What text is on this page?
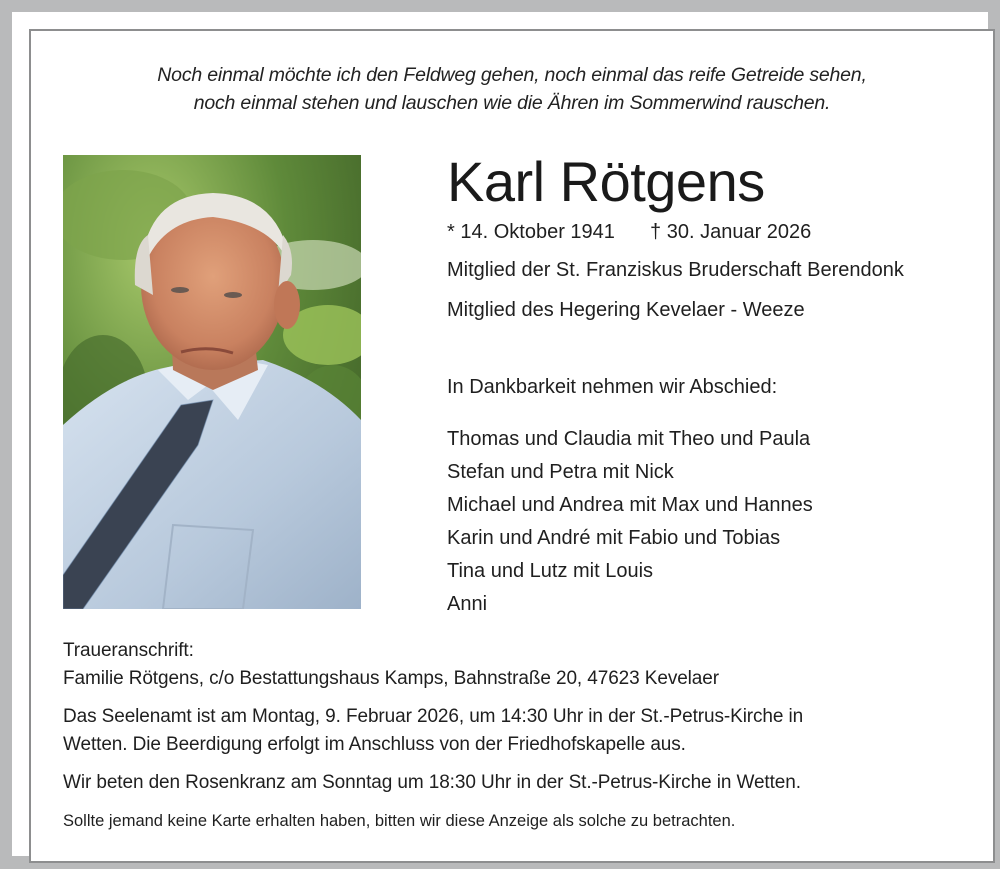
Noch einmal möchte ich den Feldweg gehen, noch einmal das reife Getreide sehen,
noch einmal stehen und lauschen wie die Ähren im Sommerwind rauschen.
Karl Rötgens
* 14. Oktober 1941 † 30. Januar 2026
Mitglied der St. Franziskus Bruderschaft Berendonk
Mitglied des Hegering Kevelaer - Weeze
In Dankbarkeit nehmen wir Abschied:
Thomas und Claudia mit Theo und Paula
Stefan und Petra mit Nick
Michael und Andrea mit Max und Hannes
Karin und André mit Fabio und Tobias
Tina und Lutz mit Louis
Anni
Traueranschrift:
Familie Rötgens, c/o Bestattungshaus Kamps, Bahnstraße 20, 47623 Kevelaer
Das Seelenamt ist am Montag, 9. Februar 2026, um 14:30 Uhr in der St.-Petrus-Kirche in
Wetten. Die Beerdigung erfolgt im Anschluss von der Friedhofskapelle aus.
Wir beten den Rosenkranz am Sonntag um 18:30 Uhr in der St.-Petrus-Kirche in Wetten.
Sollte jemand keine Karte erhalten haben, bitten wir diese Anzeige als solche zu betrachten.
